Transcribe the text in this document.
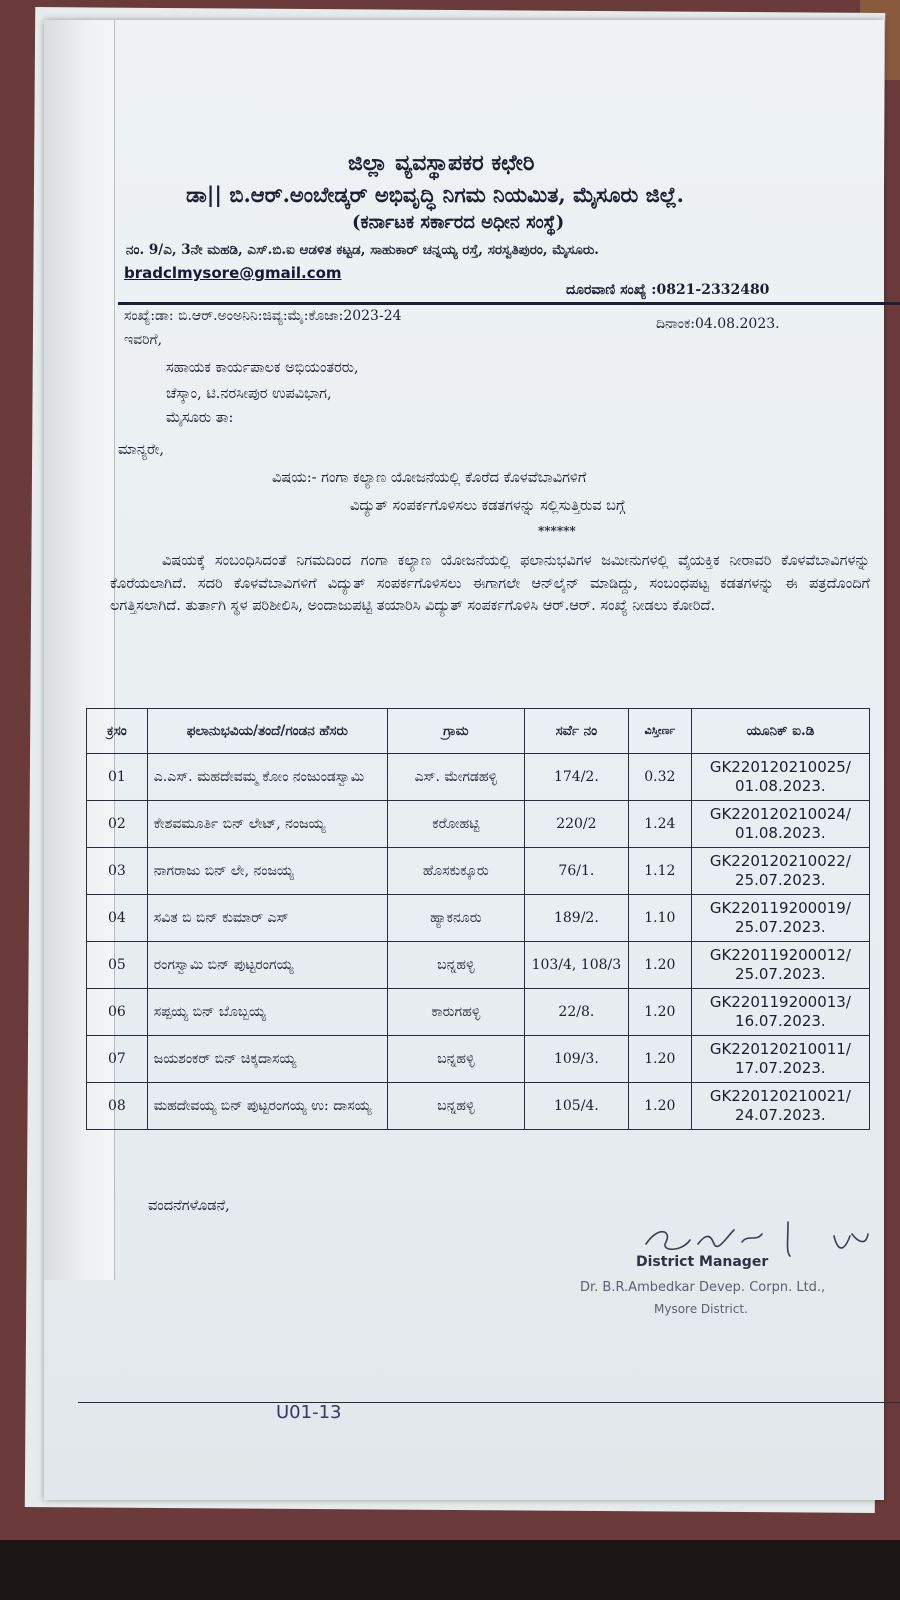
ಜಿಲ್ಲಾ ವ್ಯವಸ್ಥಾಪಕರ ಕಛೇರಿ
ಡಾ|| ಬಿ.ಆರ್.ಅಂಬೇಡ್ಕರ್ ಅಭಿವೃದ್ಧಿ ನಿಗಮ ನಿಯಮಿತ, ಮೈಸೂರು ಜಿಲ್ಲೆ.
(ಕರ್ನಾಟಕ ಸರ್ಕಾರದ ಅಧೀನ ಸಂಸ್ಥೆ)
ನಂ. 9/ಎ, 3ನೇ ಮಹಡಿ, ಎಸ್.ಬಿ.ಐ ಆಡಳಿತ ಕಟ್ಟಡ, ಸಾಹುಕಾರ್ ಚನ್ನಯ್ಯ ರಸ್ತೆ, ಸರಸ್ವತಿಪುರಂ, ಮೈಸೂರು.
bradclmysore@gmail.com
ದೂರವಾಣಿ ಸಂಖ್ಯೆ :0821-2332480
ಸಂಖ್ಯೆ:ಡಾ: ಬಿ.ಆರ್.ಅಂಅನಿನಿ:ಜಿವ್ಯ:ಮೈ:ಕೊಜಾ:2023-24	ದಿನಾಂಕ:04.08.2023.
ಇವರಿಗೆ,
ಸಹಾಯಕ ಕಾರ್ಯಪಾಲಕ ಅಭಿಯಂತರರು,
ಚೆಸ್ಕಾಂ, ಟಿ.ನರಸೀಪುರ ಉಪವಿಭಾಗ,
ಮೈಸೂರು ತಾ:
ಮಾನ್ಯರೇ,
ವಿಷಯ:- ಗಂಗಾ ಕಲ್ಯಾಣ ಯೋಜನೆಯಲ್ಲಿ ಕೊರೆದ ಕೊಳವೆಬಾವಿಗಳಿಗೆ
ವಿದ್ಯುತ್ ಸಂಪರ್ಕಗೊಳಿಸಲು ಕಡತಗಳನ್ನು ಸಲ್ಲಿಸುತ್ತಿರುವ ಬಗ್ಗೆ
******
ವಿಷಯಕ್ಕೆ ಸಂಬಂಧಿಸಿದಂತೆ ನಿಗಮದಿಂದ ಗಂಗಾ ಕಲ್ಯಾಣ ಯೋಜನೆಯಲ್ಲಿ ಫಲಾನುಭವಿಗಳ ಜಮೀನುಗಳಲ್ಲಿ ವೈಯಕ್ತಿಕ ನೀರಾವರಿ ಕೊಳವೆಬಾವಿಗಳನ್ನು ಕೊರೆಯಲಾಗಿದೆ. ಸದರಿ ಕೊಳವೆಬಾವಿಗಳಿಗೆ ವಿದ್ಯುತ್ ಸಂಪರ್ಕಗೊಳಿಸಲು ಈಗಾಗಲೇ ಆನ್‌ಲೈನ್ ಮಾಡಿದ್ದು, ಸಂಬಂಧಪಟ್ಟ ಕಡತಗಳನ್ನು ಈ ಪತ್ರದೊಂದಿಗೆ ಲಗತ್ತಿಸಲಾಗಿದೆ. ತುರ್ತಾಗಿ ಸ್ಥಳ ಪರಿಶೀಲಿಸಿ, ಅಂದಾಜುಪಟ್ಟಿ ತಯಾರಿಸಿ ವಿದ್ಯುತ್ ಸಂಪರ್ಕಗೊಳಿಸಿ ಆರ್.ಆರ್. ಸಂಖ್ಯೆ ನೀಡಲು ಕೋರಿದೆ.
ಕ್ರಸಂ	ಫಲಾನುಭವಿಯ/ತಂದೆ/ಗಂಡನ ಹೆಸರು	ಗ್ರಾಮ	ಸರ್ವೆ ನಂ	ವಿಸ್ತೀರ್ಣ	ಯೂನಿಕ್ ಐ.ಡಿ
01	ಎ.ಎಸ್. ಮಹದೇವಮ್ಮ ಕೋಂ ನಂಜುಂಡಸ್ವಾಮಿ	ಎಸ್. ಮೇಗಡಹಳ್ಳಿ	174/2.	0.32	GK220120210025/
01.08.2023.

02	ಕೇಶವಮೂರ್ತಿ ಬಿನ್ ಲೇಟ್, ನಂಜಯ್ಯ	ಕರೋಹಟ್ಟಿ	220/2	1.24	GK220120210024/
01.08.2023.

03	ನಾಗರಾಜು ಬಿನ್ ಲೇ, ನಂಜಯ್ಯ	ಹೊಸಕುಕ್ಕೂರು	76/1.	1.12	GK220120210022/
25.07.2023.

04	ಸವಿತ ಬಿ ಬಿನ್ ಕುಮಾರ್ ಎಸ್	ಹ್ಯಾಕನೂರು	189/2.	1.10	GK220119200019/
25.07.2023.

05	ರಂಗಸ್ವಾಮಿ ಬಿನ್ ಪುಟ್ಟರಂಗಯ್ಯ	ಬನ್ನಹಳ್ಳಿ	103/4, 108/3	1.20	GK220119200012/
25.07.2023.

06	ಸಪ್ಪಯ್ಯ ಬಿನ್ ಬೊಬ್ಬಯ್ಯ	ಕಾರುಗಹಳ್ಳಿ	22/8.	1.20	GK220119200013/
16.07.2023.

07	ಜಯಶಂಕರ್ ಬಿನ್ ಚಿಕ್ಕದಾಸಯ್ಯ	ಬನ್ನಹಳ್ಳಿ	109/3.	1.20	GK220120210011/
17.07.2023.

08	ಮಹದೇವಯ್ಯ ಬಿನ್ ಪುಟ್ಟರಂಗಯ್ಯ ಉ: ದಾಸಯ್ಯ	ಬನ್ನಹಳ್ಳಿ	105/4.	1.20	GK220120210021/
24.07.2023.
ವಂದನೆಗಳೊಡನೆ,
District Manager
Dr. B.R.Ambedkar Devep. Corpn. Ltd.,
Mysore District.
U01-13
